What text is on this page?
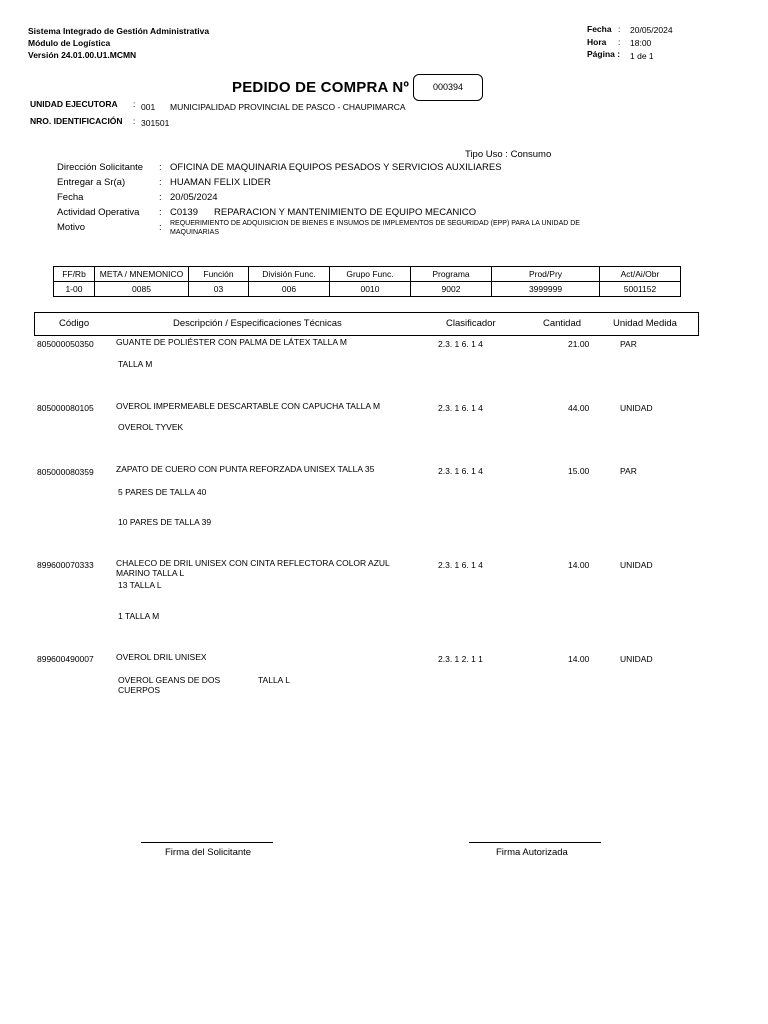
Sistema Integrado de Gestión Administrativa
Módulo de Logística
Versión 24.01.00.U1.MCMN
Fecha : 20/05/2024
Hora : 18:00
Página : 1 de 1
PEDIDO DE COMPRA Nº	000394
UNIDAD EJECUTORA : 001 MUNICIPALIDAD PROVINCIAL DE PASCO - CHAUPIMARCA
NRO. IDENTIFICACIÓN : 301501
Tipo Uso : Consumo
Dirección Solicitante : OFICINA DE MAQUINARIA EQUIPOS PESADOS Y SERVICIOS AUXILIARES
Entregar a Sr(a)	: HUAMAN FELIX LIDER
Fecha	: 20/05/2024
Actividad Operativa : C0139 REPARACION Y MANTENIMIENTO DE EQUIPO MECANICO
Motivo	: REQUERIMIENTO DE ADQUISICION DE BIENES E INSUMOS DE IMPLEMENTOS DE SEGURIDAD (EPP) PARA LA UNIDAD DE
MAQUINARIAS
FF/Rb	META / MNEMONICO	Función	División Func.	Grupo Func.	Programa	Prod/Pry	Act/Ai/Obr
1-00	0085	03	006	0010	9002	3999999	5001152
Código	Descripción / Especificaciones Técnicas	Clasificador	Cantidad	Unidad Medida
805000050350	GUANTE DE POLIÉSTER CON PALMA DE LÁTEX TALLA M	2.3. 1 6. 1 4	21.00	PAR
TALLA M
805000080105	OVEROL IMPERMEABLE DESCARTABLE CON CAPUCHA TALLA M	2.3. 1 6. 1 4	44.00	UNIDAD
OVEROL TYVEK
805000080359	ZAPATO DE CUERO CON PUNTA REFORZADA UNISEX TALLA 35	2.3. 1 6. 1 4	15.00	PAR
5 PARES DE TALLA 40
10 PARES DE TALLA 39
899600070333	CHALECO DE DRIL UNISEX CON CINTA REFLECTORA COLOR AZUL
MARINO TALLA L
2.3. 1 6. 1 4	14.00	UNIDAD
13 TALLA L
1 TALLA M
899600490007	OVEROL DRIL UNISEX	2.3. 1 2. 1 1	14.00	UNIDAD
OVEROL GEANS DE DOS	TALLA L
CUERPOS
Firma del Solicitante	Firma Autorizada
